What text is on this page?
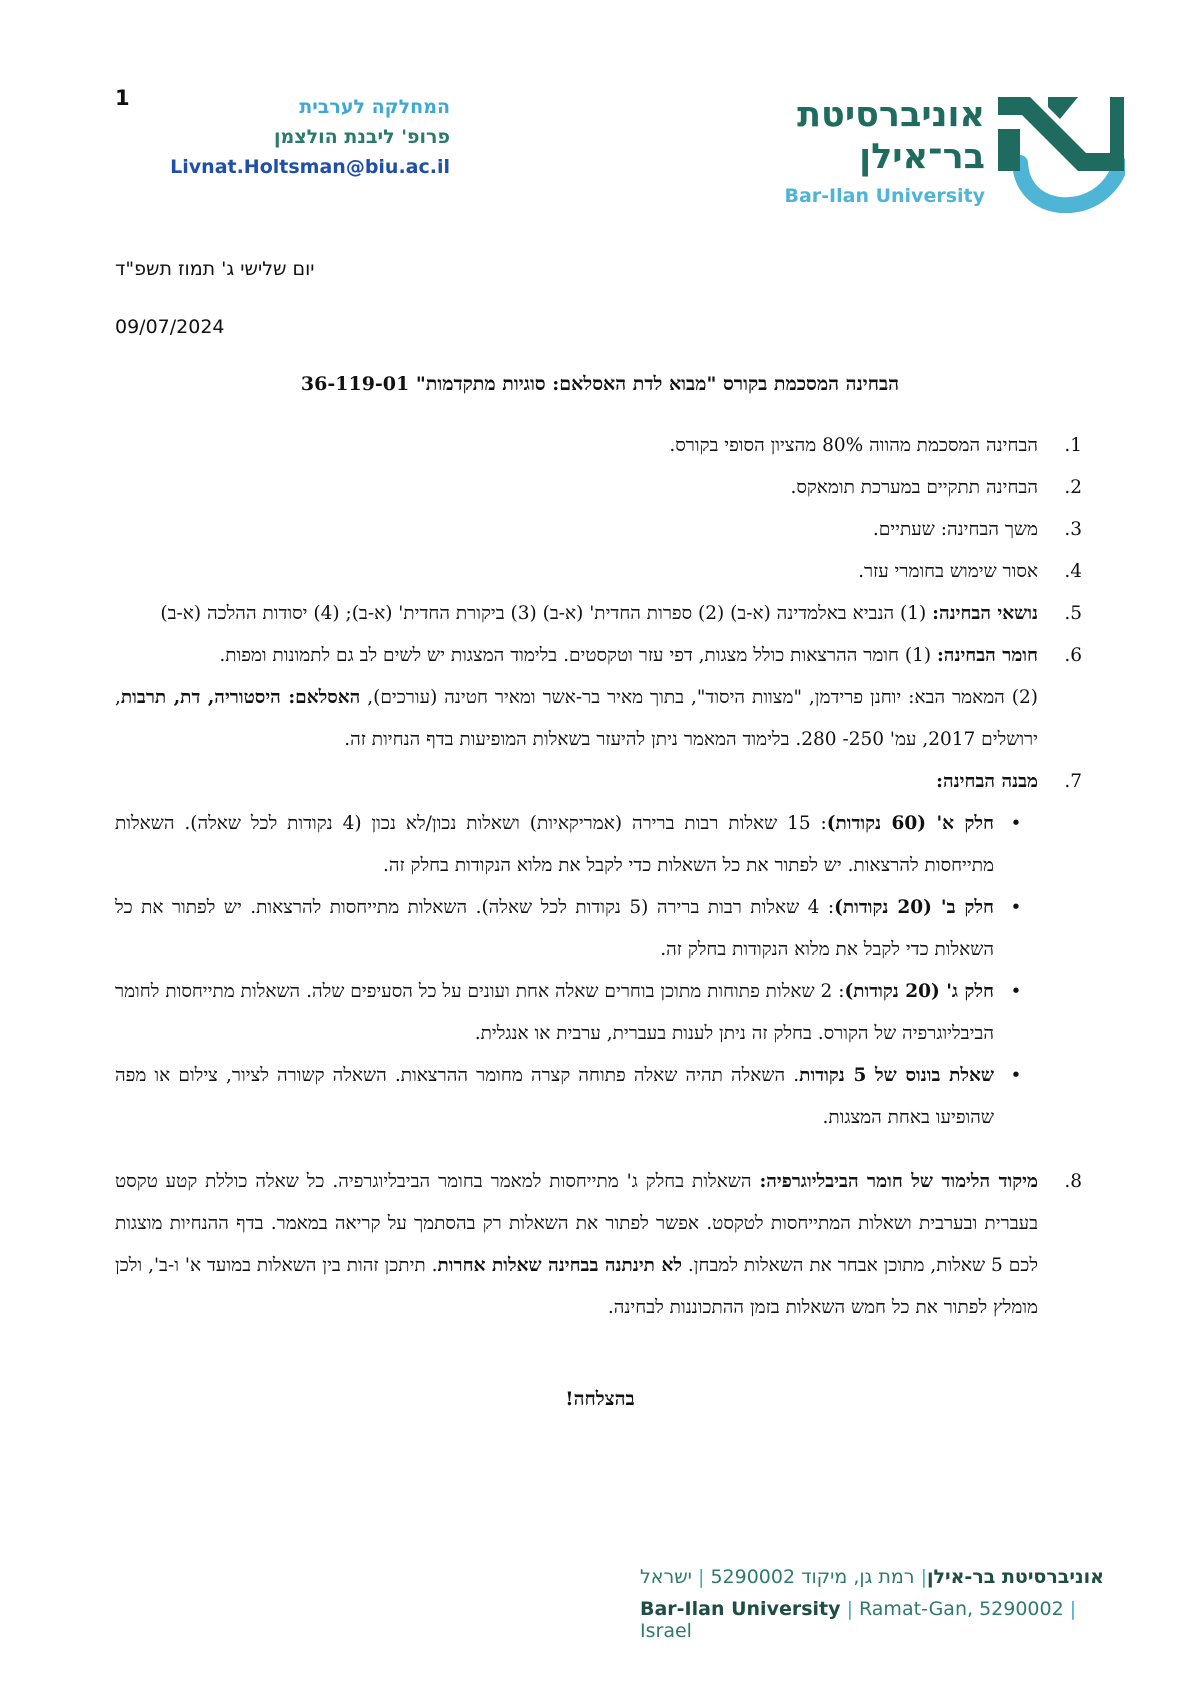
1	המחלקה לערבית
פרופ' ליבנת הולצמן
Livnat.Holtsman@biu.ac.il
אוניברסיטת
בר־אילן
Bar-Ilan University
יום שלישי ג' תמוז תשפ"ד
09/07/2024
הבחינה המסכמת בקורס "מבוא לדת האסלאם: סוגיות מתקדמות" 36-119-01
1.
הבחינה המסכמת מהווה 80% מהציון הסופי בקורס.
2.
הבחינה תתקיים במערכת תומאקס.
3.
משך הבחינה: שעתיים.
4.
אסור שימוש בחומרי עזר.
5.
נושאי הבחינה: (1) הנביא באלמדינה (א-ב) (2) ספרות החדית' (א-ב) (3) ביקורת החדית' (א-ב); (4) יסודות ההלכה (א-ב)
6.

חומר הבחינה: (1) חומר ההרצאות כולל מצגות, דפי עזר וטקסטים. בלימוד המצגות יש לשים לב גם לתמונות ומפות.

(2) המאמר הבא: יוחנן פרידמן, "מצוות היסוד", בתוך מאיר בר-אשר ומאיר חטינה (עורכים), האסלאם: היסטוריה, דת, תרבות, ירושלים 2017, עמ' 250- 280. בלימוד המאמר ניתן להיעזר בשאלות המופיעות בדף הנחיות זה.

7.
מבנה הבחינה:
•
חלק א' (60 נקודות): 15 שאלות רבות ברירה (אמריקאיות) ושאלות נכון/לא נכון (4 נקודות לכל שאלה). השאלות מתייחסות להרצאות. יש לפתור את כל השאלות כדי לקבל את מלוא הנקודות בחלק זה.
•
חלק ב' (20 נקודות): 4 שאלות רבות ברירה (5 נקודות לכל שאלה). השאלות מתייחסות להרצאות. יש לפתור את כל השאלות כדי לקבל את מלוא הנקודות בחלק זה.
•
חלק ג' (20 נקודות): 2 שאלות פתוחות מתוכן בוחרים שאלה אחת ועונים על כל הסעיפים שלה. השאלות מתייחסות לחומר הביבליוגרפיה של הקורס. בחלק זה ניתן לענות בעברית, ערבית או אנגלית.
•
שאלת בונוס של 5 נקודות. השאלה תהיה שאלה פתוחה קצרה מחומר ההרצאות. השאלה קשורה לציור, צילום או מפה שהופיעו באחת המצגות.
8.
מיקוד הלימוד של חומר הביבליוגרפיה: השאלות בחלק ג' מתייחסות למאמר בחומר הביבליוגרפיה. כל שאלה כוללת קטע טקסט בעברית ובערבית ושאלות המתייחסות לטקסט. אפשר לפתור את השאלות רק בהסתמך על קריאה במאמר. בדף ההנחיות מוצגות לכם 5 שאלות, מתוכן אבחר את השאלות למבחן. לא תינתנה בבחינה שאלות אחרות. תיתכן זהות בין השאלות במועד א' ו-ב', ולכן מומלץ לפתור את כל חמש השאלות בזמן ההתכוננות לבחינה.
בהצלחה!
אוניברסיטת בר-אילן| רמת גן, מיקוד 5290002 | ישראל
Bar-Ilan University | Ramat-Gan, 5290002 | Israel
